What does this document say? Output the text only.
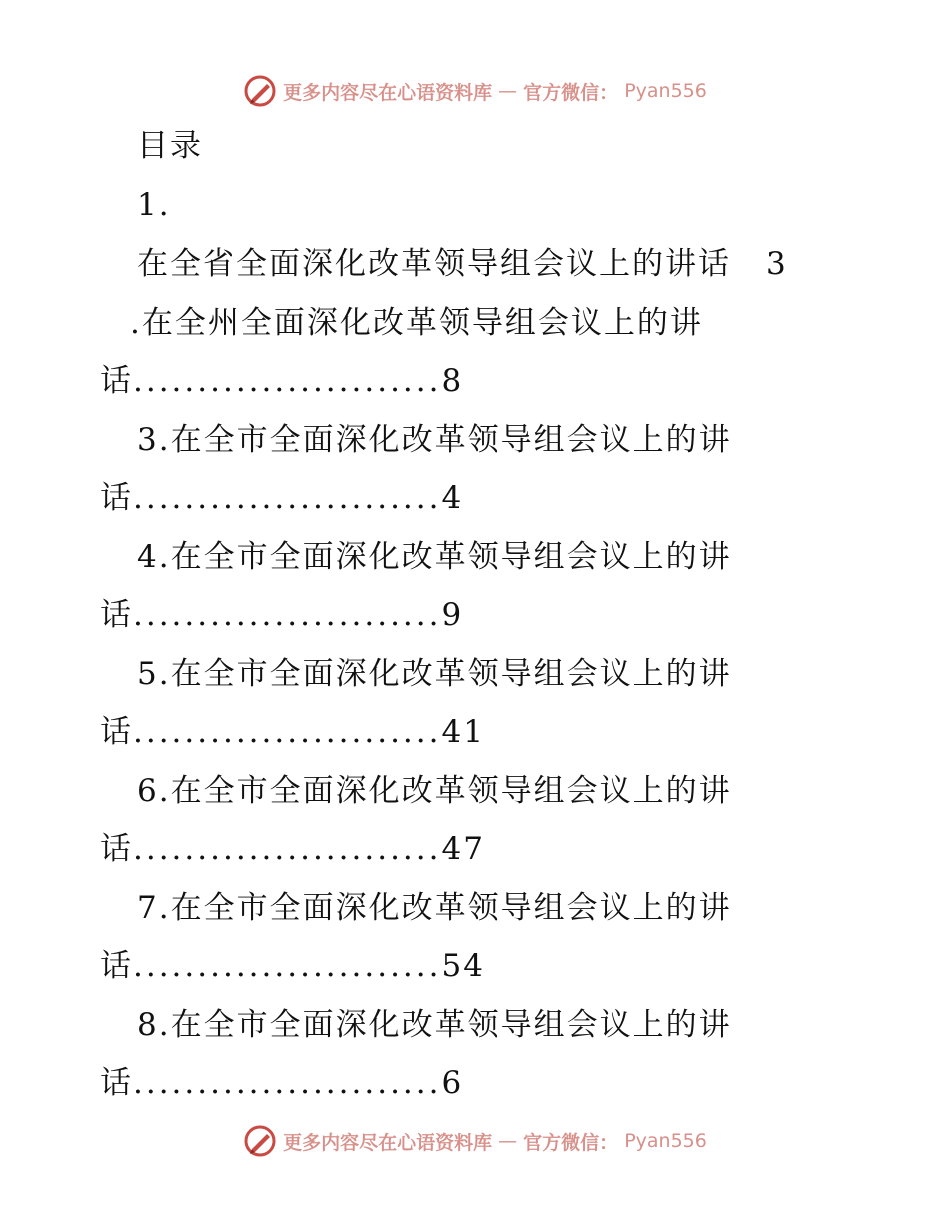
更多内容尽在心语资料库 — 官方微信： Pyan556
目录
1.
在全省全面深化改革领导组会议上的讲话 3
.在全州全面深化改革领导组会议上的讲
话........................8
3.在全市全面深化改革领导组会议上的讲
话........................4
4.在全市全面深化改革领导组会议上的讲
话........................9
5.在全市全面深化改革领导组会议上的讲
话........................41
6.在全市全面深化改革领导组会议上的讲
话........................47
7.在全市全面深化改革领导组会议上的讲
话........................54
8.在全市全面深化改革领导组会议上的讲
话........................6
更多内容尽在心语资料库 — 官方微信： Pyan556
